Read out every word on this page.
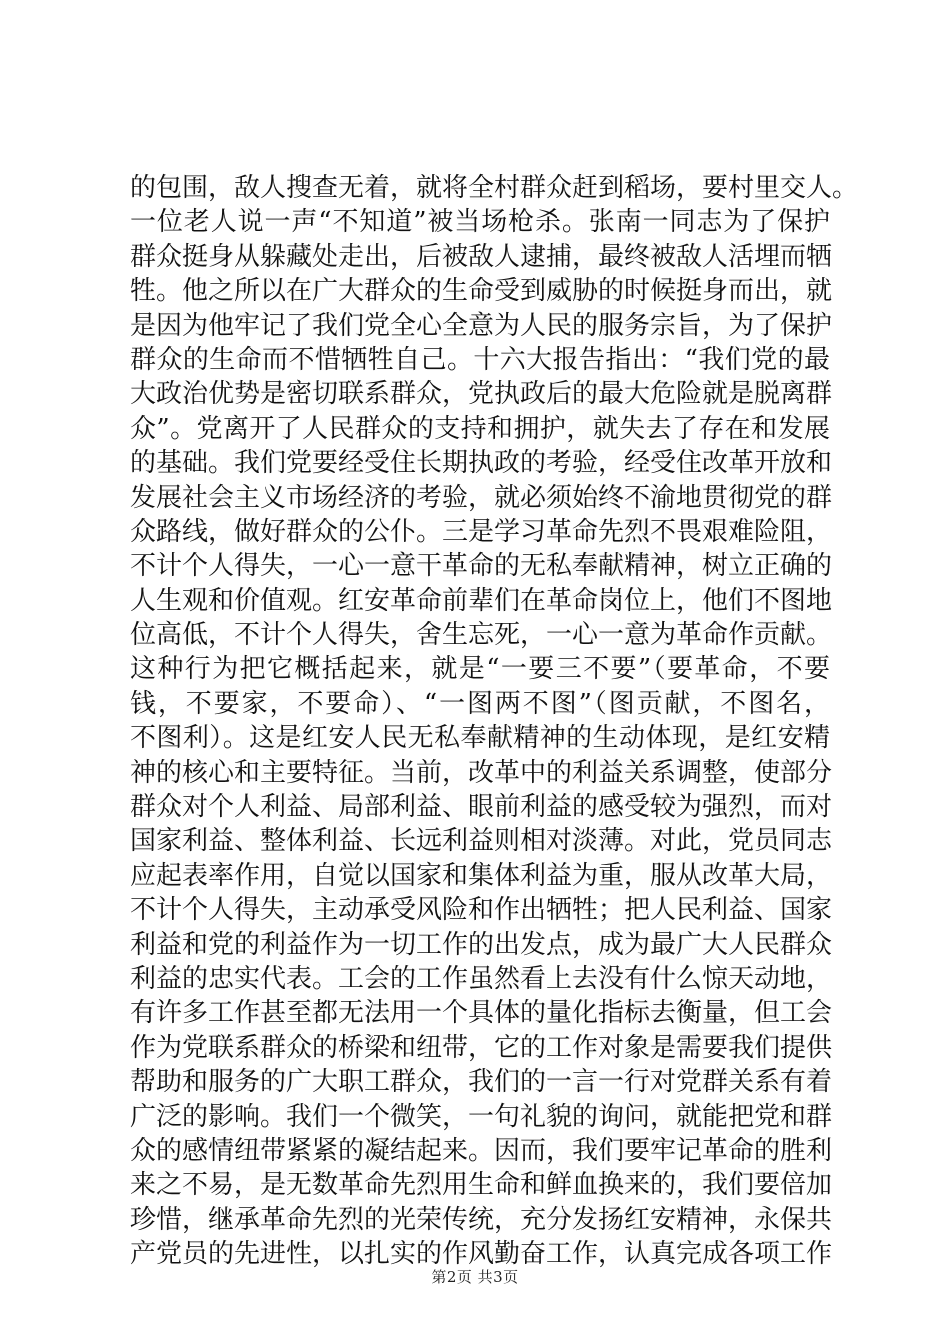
的包围，敌人搜查无着，就将全村群众赶到稻场，要村里交人。
一位老人说一声“不知道”被当场枪杀。张南一同志为了保护
群众挺身从躲藏处走出，后被敌人逮捕，最终被敌人活埋而牺
牲。他之所以在广大群众的生命受到威胁的时候挺身而出，就
是因为他牢记了我们党全心全意为人民的服务宗旨，为了保护
群众的生命而不惜牺牲自己。十六大报告指出：“我们党的最
大政治优势是密切联系群众，党执政后的最大危险就是脱离群
众”。党离开了人民群众的支持和拥护，就失去了存在和发展
的基础。我们党要经受住长期执政的考验，经受住改革开放和
发展社会主义市场经济的考验，就必须始终不渝地贯彻党的群
众路线，做好群众的公仆。三是学习革命先烈不畏艰难险阻，
不计个人得失，一心一意干革命的无私奉献精神，树立正确的
人生观和价值观。红安革命前辈们在革命岗位上，他们不图地
位高低，不计个人得失，舍生忘死，一心一意为革命作贡献。
这种行为把它概括起来，就是“一要三不要”（要革命，不要
钱，不要家，不要命）、“一图两不图”（图贡献，不图名，
不图利）。这是红安人民无私奉献精神的生动体现，是红安精
神的核心和主要特征。当前，改革中的利益关系调整，使部分
群众对个人利益、局部利益、眼前利益的感受较为强烈，而对
国家利益、整体利益、长远利益则相对淡薄。对此，党员同志
应起表率作用，自觉以国家和集体利益为重，服从改革大局，
不计个人得失，主动承受风险和作出牺牲；把人民利益、国家
利益和党的利益作为一切工作的出发点，成为最广大人民群众
利益的忠实代表。工会的工作虽然看上去没有什么惊天动地，
有许多工作甚至都无法用一个具体的量化指标去衡量，但工会
作为党联系群众的桥梁和纽带，它的工作对象是需要我们提供
帮助和服务的广大职工群众，我们的一言一行对党群关系有着
广泛的影响。我们一个微笑，一句礼貌的询问，就能把党和群
众的感情纽带紧紧的凝结起来。因而，我们要牢记革命的胜利
来之不易，是无数革命先烈用生命和鲜血换来的，我们要倍加
珍惜，继承革命先烈的光荣传统，充分发扬红安精神，永保共
产党员的先进性，以扎实的作风勤奋工作，认真完成各项工作
第2页 共3页
